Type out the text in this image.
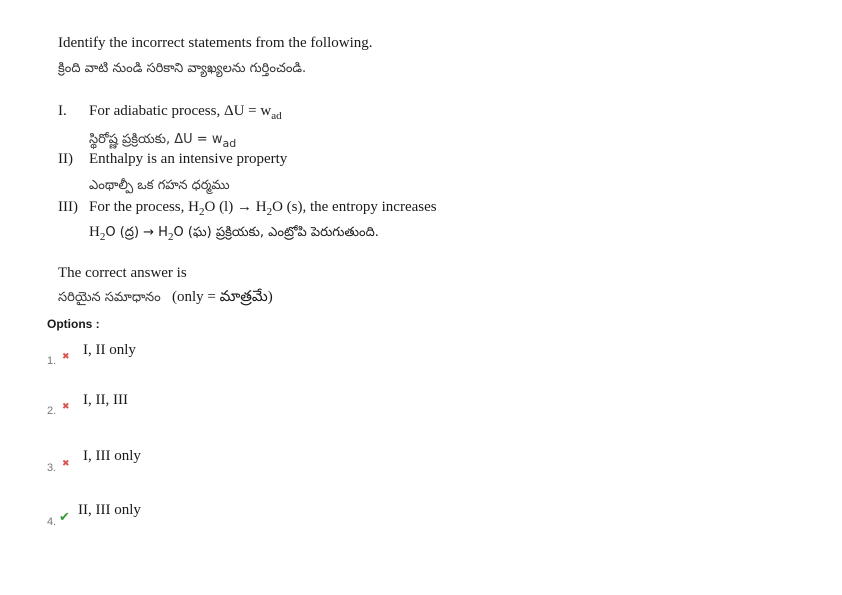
Identify the incorrect statements from the following.
క్రింది వాటి నుండి సరికాని వ్యాఖ్యలను గుర్తించండి.
I. For adiabatic process, $\Delta U = w_{ad}$
స్థిరోష్ణ ప్రక్రియకు, $\Delta U = w_{ad}$
II) Enthalpy is an intensive property
ఎంథాల్పీ ఒక గహన ధర్మము
III) For the process, $H_2O$ $(l) \to H_2O$ (s), the entropy increases
$H_2O$ (ద్ర) → $H_2O$ (ఘ) ప్రక్రియకు, ఎంట్రోపి పెరుగుతుంది.
The correct answer is
సరియైన సమాధానం (only = మాత్రమే)
Options :
1. ✖ I, II only
2. ✖ I, II, III
3. ✖ I, III only
4. ✔ II, III only
